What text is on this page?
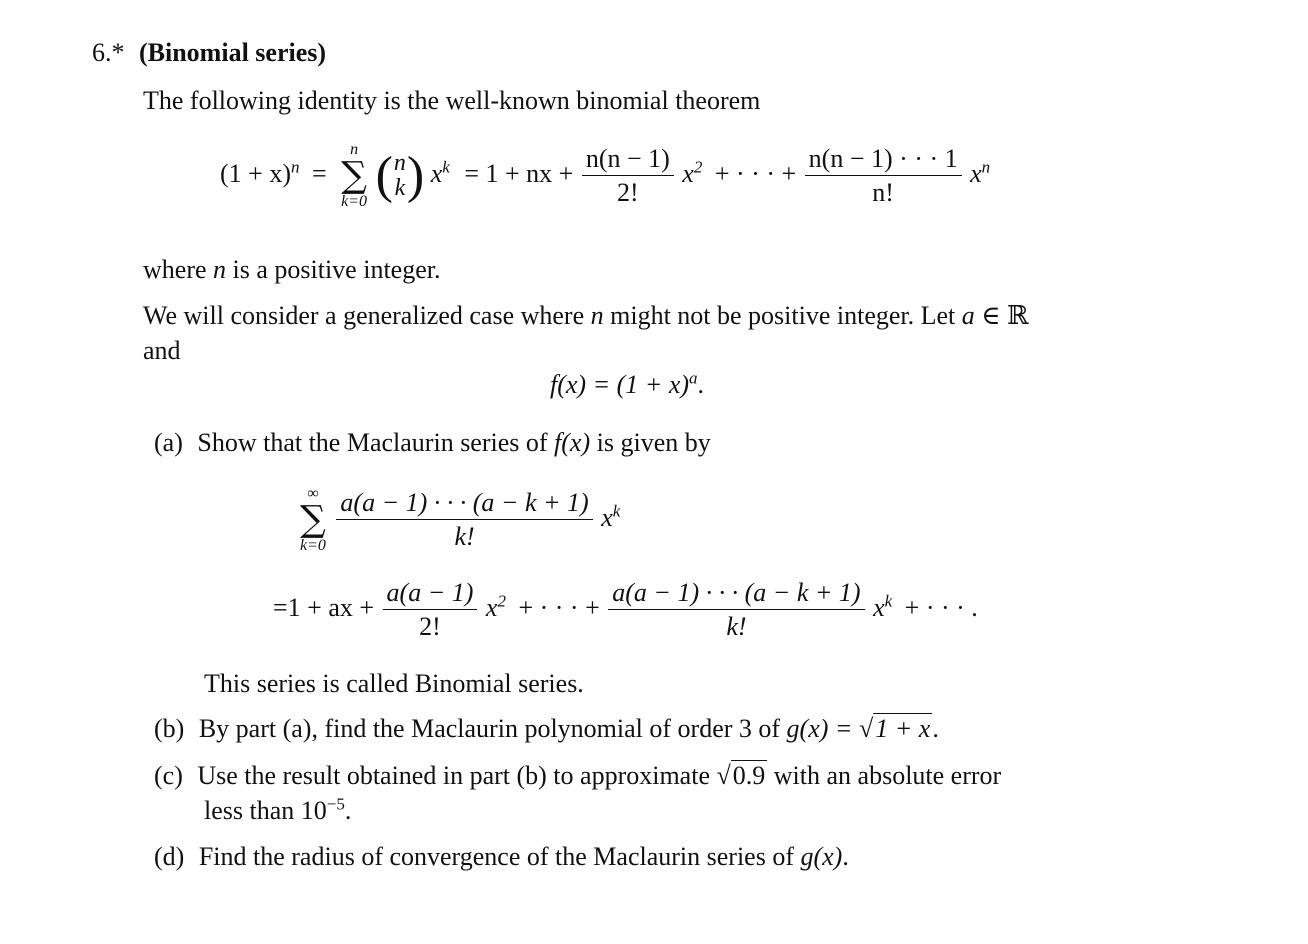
6.* (Binomial series)
The following identity is the well-known binomial theorem
$(1 + x)^n$ =
n
∑
k=0
( n
k ) $x^k = 1$ + nx + $\frac{n(n - 1)}{2!} x^2$ + · · · + $\frac{n(n - 1) \cdot \cdot \cdot 1}{n!} x^n$
where n is a positive integer.
We will consider a generalized case where n might not be positive integer. Let a ∈ ℝ
and
$f(x) = (1 + x)^a$.
(a) Show that the Maclaurin series of f(x) is given by
∞
∑
k=0
$\frac{a(a - 1) \cdot \cdot \cdot (a - k + 1)}{k!} x^k$
=1 + ax + $\frac{a(a - 1)}{2!} x^2$ + · · · + $\frac{a(a - 1) \cdot \cdot \cdot (a - k + 1)}{k!} x^k$ + · · · .
This series is called Binomial series.
(b) By part (a), find the Maclaurin polynomial of order 3 of g(x) = √1 + x.
(c) Use the result obtained in part (b) to approximate √0.9 with an absolute error
less than $10^{-5}$.
(d) Find the radius of convergence of the Maclaurin series of g(x).
